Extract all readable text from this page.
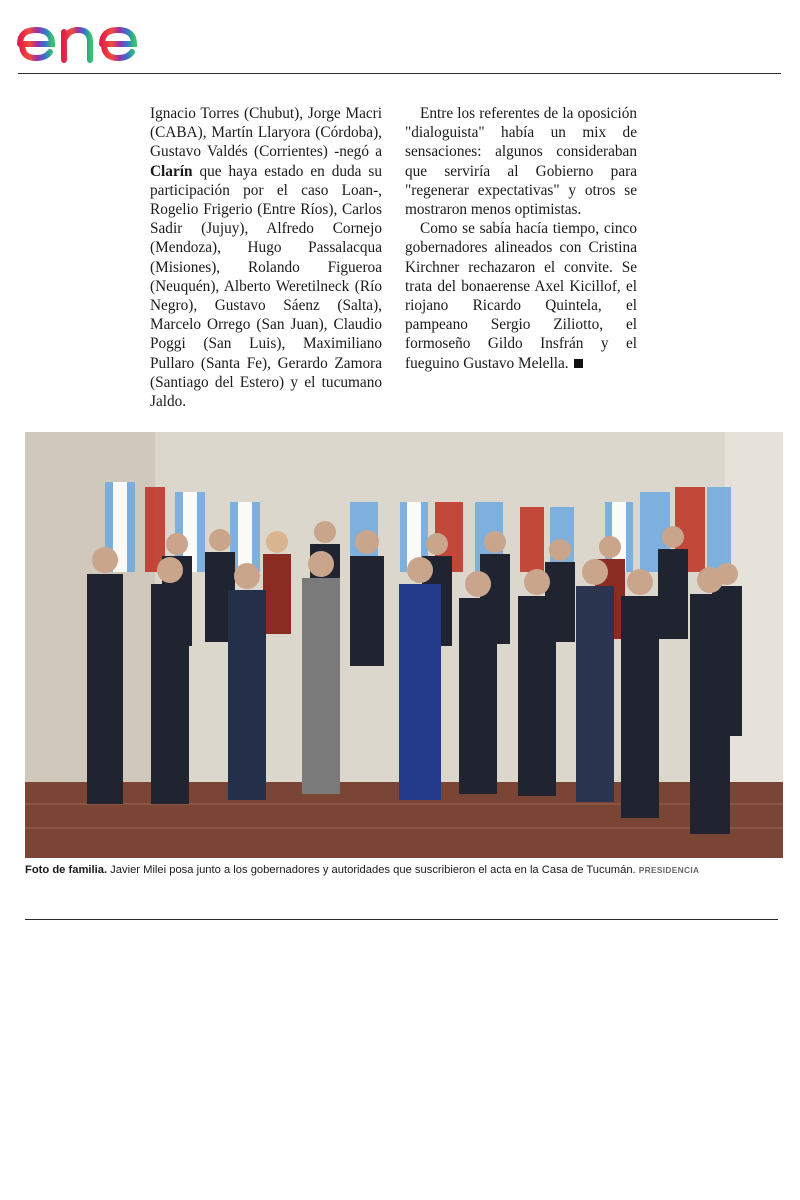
Ignacio Torres (Chubut), Jorge Macri (CABA), Martín Llaryora (Córdoba), Gustavo Valdés (Corrientes) -negó a Clarín que haya estado en duda su participación por el caso Loan-, Rogelio Frigerio (Entre Ríos), Carlos Sadir (Jujuy), Alfredo Cornejo (Mendoza), Hugo Passalacqua (Misiones), Rolando Figueroa (Neuquén), Alberto Weretilneck (Río Negro), Gustavo Sáenz (Salta), Marcelo Orrego (San Juan), Claudio Poggi (San Luis), Maximiliano Pullaro (Santa Fe), Gerardo Zamora (Santiago del Estero) y el tucumano Jaldo.

Entre los referentes de la oposición "dialoguista" había un mix de sensaciones: algunos consideraban que serviría al Gobierno para "regenerar expectativas" y otros se mostraron menos optimistas.

Como se sabía hacía tiempo, cinco gobernadores alineados con Cristina Kirchner rechazaron el convite. Se trata del bonaerense Axel Kicillof, el riojano Ricardo Quintela, el pampeano Sergio Ziliotto, el formoseño Gildo Insfrán y el fueguino Gustavo Melella.

Foto de familia. Javier Milei posa junto a los gobernadores y autoridades que suscribieron el acta en la Casa de Tucumán. PRESIDENCIA
